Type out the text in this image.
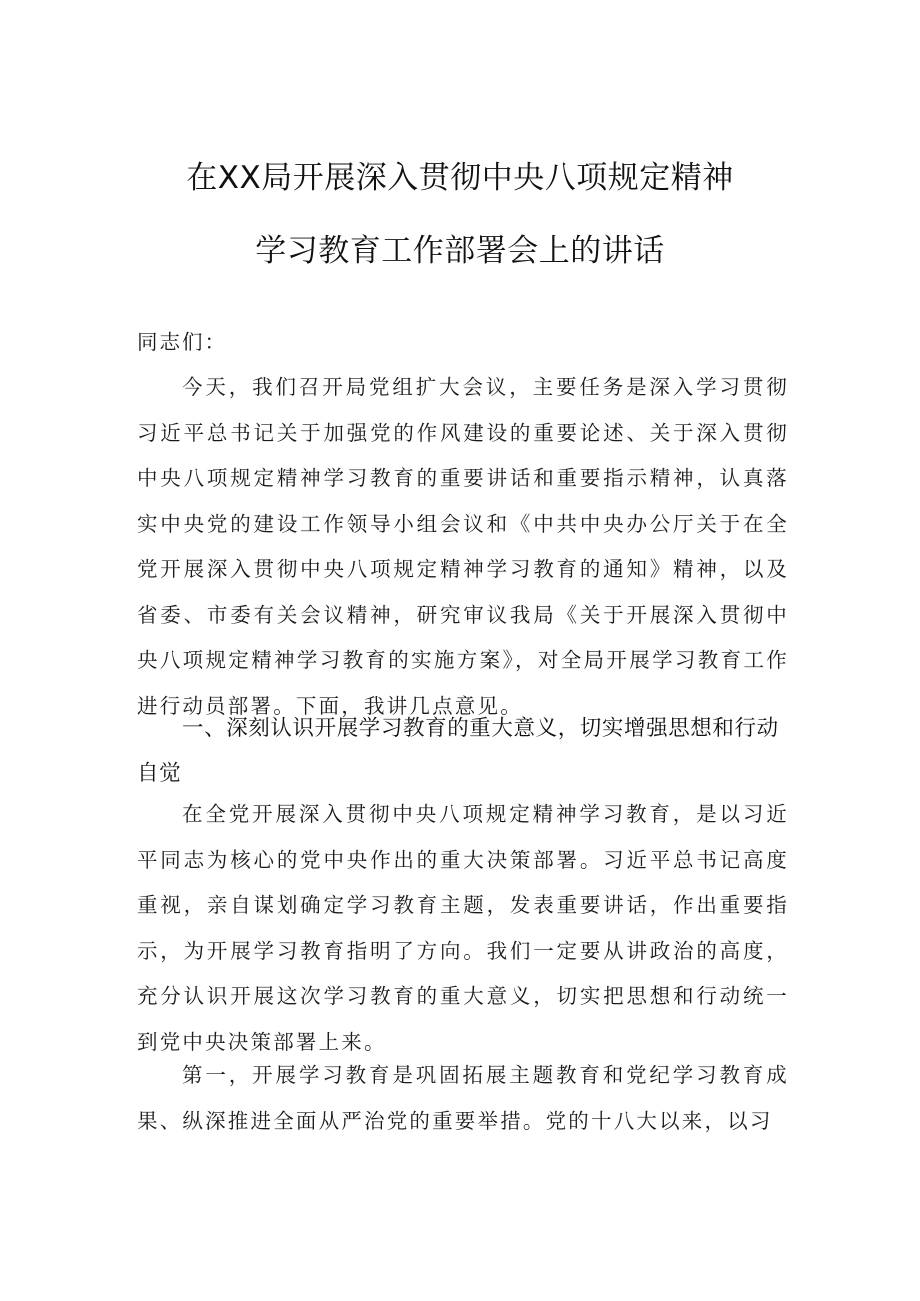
在XX局开展深入贯彻中央八项规定精神
学习教育工作部署会上的讲话
同志们：
今天，我们召开局党组扩大会议，主要任务是深入学习贯彻习近平总书记关于加强党的作风建设的重要论述、关于深入贯彻中央八项规定精神学习教育的重要讲话和重要指示精神，认真落实中央党的建设工作领导小组会议和《中共中央办公厅关于在全党开展深入贯彻中央八项规定精神学习教育的通知》精神，以及省委、市委有关会议精神，研究审议我局《关于开展深入贯彻中央八项规定精神学习教育的实施方案》，对全局开展学习教育工作进行动员部署。下面，我讲几点意见。
一、深刻认识开展学习教育的重大意义，切实增强思想和行动自觉
在全党开展深入贯彻中央八项规定精神学习教育，是以习近平同志为核心的党中央作出的重大决策部署。习近平总书记高度重视，亲自谋划确定学习教育主题，发表重要讲话，作出重要指示，为开展学习教育指明了方向。我们一定要从讲政治的高度，充分认识开展这次学习教育的重大意义，切实把思想和行动统一到党中央决策部署上来。
第一，开展学习教育是巩固拓展主题教育和党纪学习教育成果、纵深推进全面从严治党的重要举措。党的十八大以来，以习
